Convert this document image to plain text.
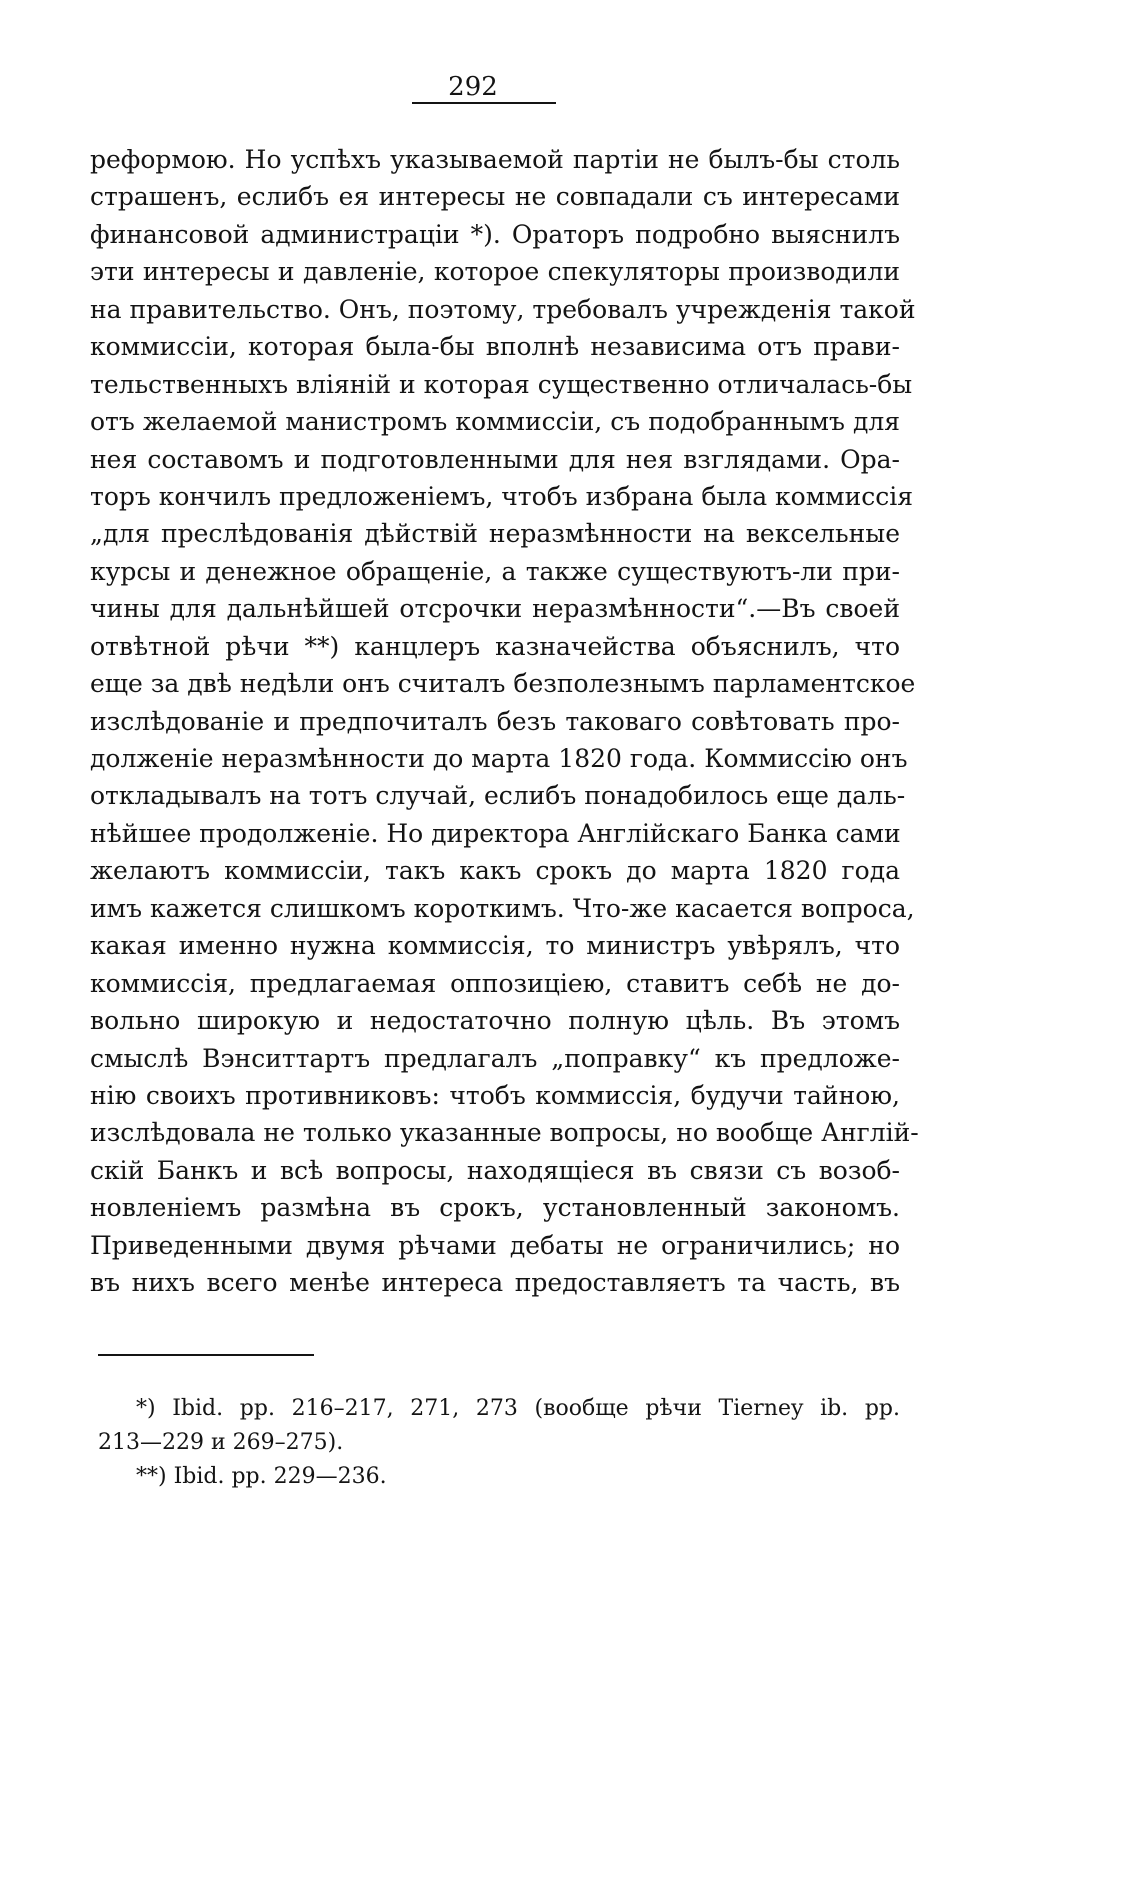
292
реформою. Но успѣхъ указываемой партіи не былъ-бы столь
страшенъ, еслибъ ея интересы не совпадали съ интересами
финансовой администраціи *). Ораторъ подробно выяснилъ
эти интересы и давленіе, которое спекуляторы производили
на правительство. Онъ, поэтому, требовалъ учрежденія такой
коммиссіи, которая была-бы вполнѣ независима отъ прави-
тельственныхъ вліяній и которая существенно отличалась-бы
отъ желаемой манистромъ коммиссіи, съ подобраннымъ для
нея составомъ и подготовленными для нея взглядами. Ора-
торъ кончилъ предложеніемъ, чтобъ избрана была коммиссія
„для преслѣдованія дѣйствій неразмѣнности на вексельные
курсы и денежное обращеніе, а также существуютъ-ли при-
чины для дальнѣйшей отсрочки неразмѣнности“.—Въ своей
отвѣтной рѣчи **) канцлеръ казначейства объяснилъ, что
еще за двѣ недѣли онъ считалъ безполезнымъ парламентское
изслѣдованіе и предпочиталъ безъ таковаго совѣтовать про-
долженіе неразмѣнности до марта 1820 года. Коммиссію онъ
откладывалъ на тотъ случай, еслибъ понадобилось еще даль-
нѣйшее продолженіе. Но директора Англійскаго Банка сами
желаютъ коммиссіи, такъ какъ срокъ до марта 1820 года
имъ кажется слишкомъ короткимъ. Что-же касается вопроса,
какая именно нужна коммиссія, то министръ увѣрялъ, что
коммиссія, предлагаемая оппозиціею, ставитъ себѣ не до-
вольно широкую и недостаточно полную цѣль. Въ этомъ
смыслѣ Вэнситтартъ предлагалъ „поправку“ къ предложе-
нію своихъ противниковъ: чтобъ коммиссія, будучи тайною,
изслѣдовала не только указанные вопросы, но вообще Англій-
скій Банкъ и всѣ вопросы, находящіеся въ связи съ возоб-
новленіемъ размѣна въ срокъ, установленный закономъ.
Приведенными двумя рѣчами дебаты не ограничились; но
въ нихъ всего менѣе интереса предоставляетъ та часть, въ
*) Ibid. pp. 216–217, 271, 273 (вообще рѣчи Tierney ib. pp.
213—229 и 269–275).
**) Ibid. pp. 229—236.
